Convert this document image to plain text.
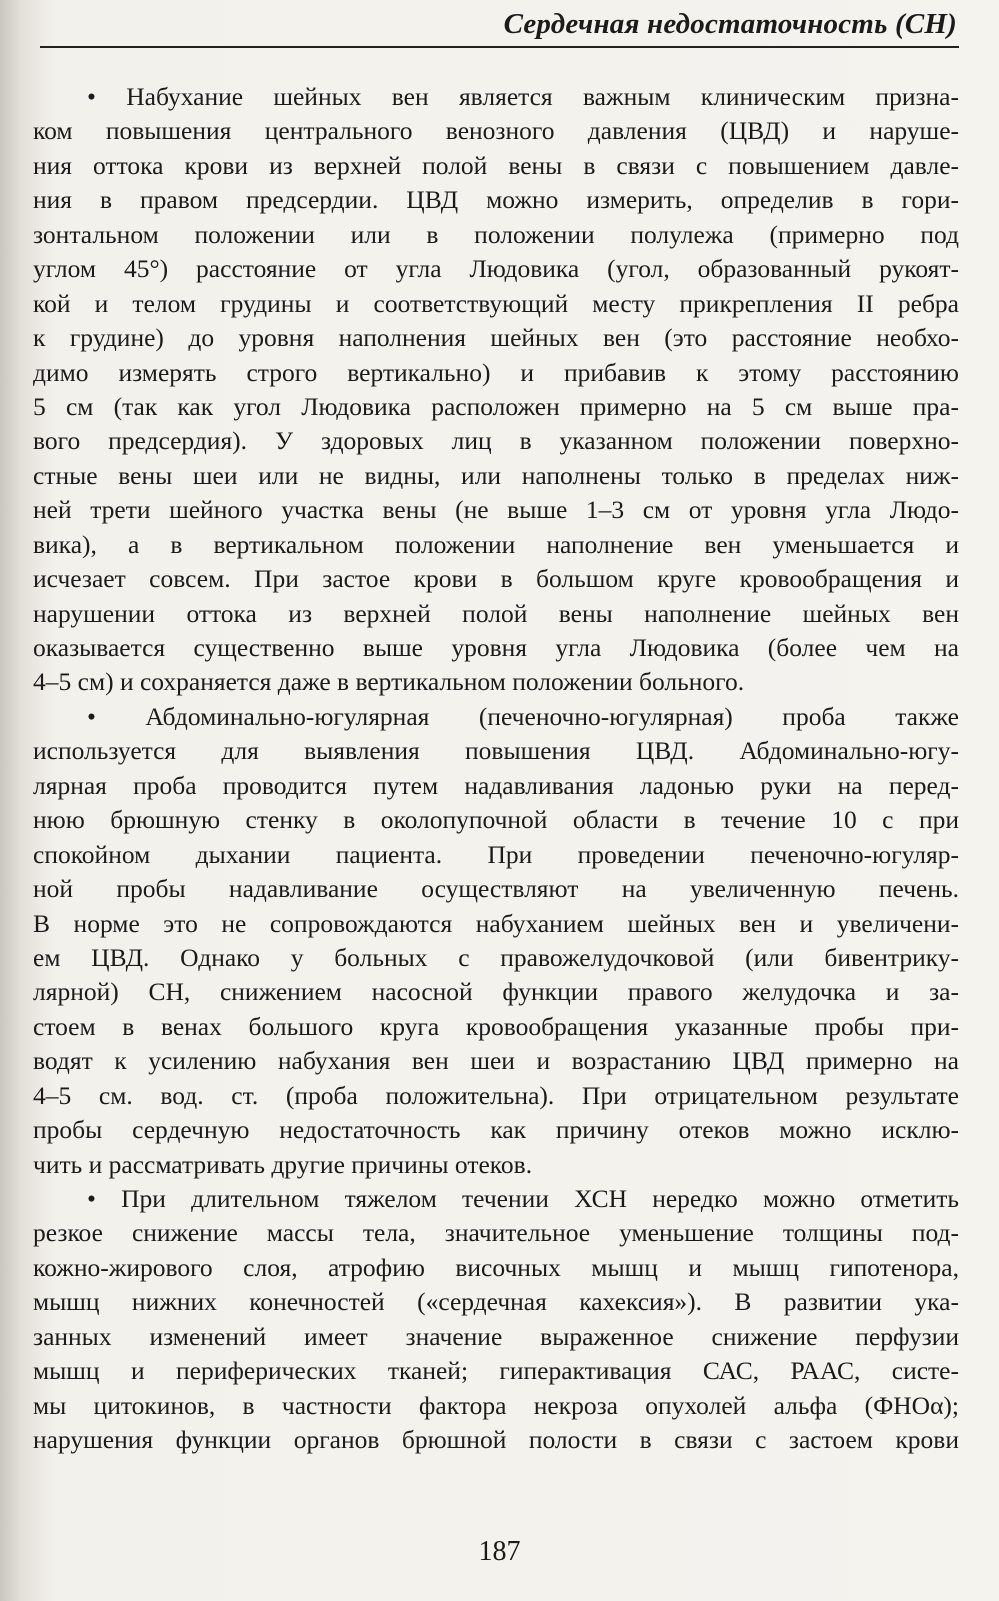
Сердечная недостаточность (СН)
• Набухание шейных вен является важным клиническим призна-
ком повышения центрального венозного давления (ЦВД) и наруше-
ния оттока крови из верхней полой вены в связи с повышением давле-
ния в правом предсердии. ЦВД можно измерить, определив в гори-
зонтальном положении или в положении полулежа (примерно под
углом 45°) расстояние от угла Людовика (угол, образованный рукоят-
кой и телом грудины и соответствующий месту прикрепления II ребра
к грудине) до уровня наполнения шейных вен (это расстояние необхо-
димо измерять строго вертикально) и прибавив к этому расстоянию
5 см (так как угол Людовика расположен примерно на 5 см выше пра-
вого предсердия). У здоровых лиц в указанном положении поверхно-
стные вены шеи или не видны, или наполнены только в пределах ниж-
ней трети шейного участка вены (не выше 1–3 см от уровня угла Людо-
вика), а в вертикальном положении наполнение вен уменьшается и
исчезает совсем. При застое крови в большом круге кровообращения и
нарушении оттока из верхней полой вены наполнение шейных вен
оказывается существенно выше уровня угла Людовика (более чем на
4–5 см) и сохраняется даже в вертикальном положении больного.
• Абдоминально-югулярная (печеночно-югулярная) проба также
используется для выявления повышения ЦВД. Абдоминально-югу-
лярная проба проводится путем надавливания ладонью руки на перед-
нюю брюшную стенку в околопупочной области в течение 10 с при
спокойном дыхании пациента. При проведении печеночно-югуляр-
ной пробы надавливание осуществляют на увеличенную печень.
В норме это не сопровождаются набуханием шейных вен и увеличени-
ем ЦВД. Однако у больных с правожелудочковой (или бивентрику-
лярной) СН, снижением насосной функции правого желудочка и за-
стоем в венах большого круга кровообращения указанные пробы при-
водят к усилению набухания вен шеи и возрастанию ЦВД примерно на
4–5 см. вод. ст. (проба положительна). При отрицательном результате
пробы сердечную недостаточность как причину отеков можно исклю-
чить и рассматривать другие причины отеков.
• При длительном тяжелом течении ХСН нередко можно отметить
резкое снижение массы тела, значительное уменьшение толщины под-
кожно-жирового слоя, атрофию височных мышц и мышц гипотенора,
мышц нижних конечностей («сердечная кахексия»). В развитии ука-
занных изменений имеет значение выраженное снижение перфузии
мышц и периферических тканей; гиперактивация САС, РААС, систе-
мы цитокинов, в частности фактора некроза опухолей альфа (ФНОα);
нарушения функции органов брюшной полости в связи с застоем крови
187
